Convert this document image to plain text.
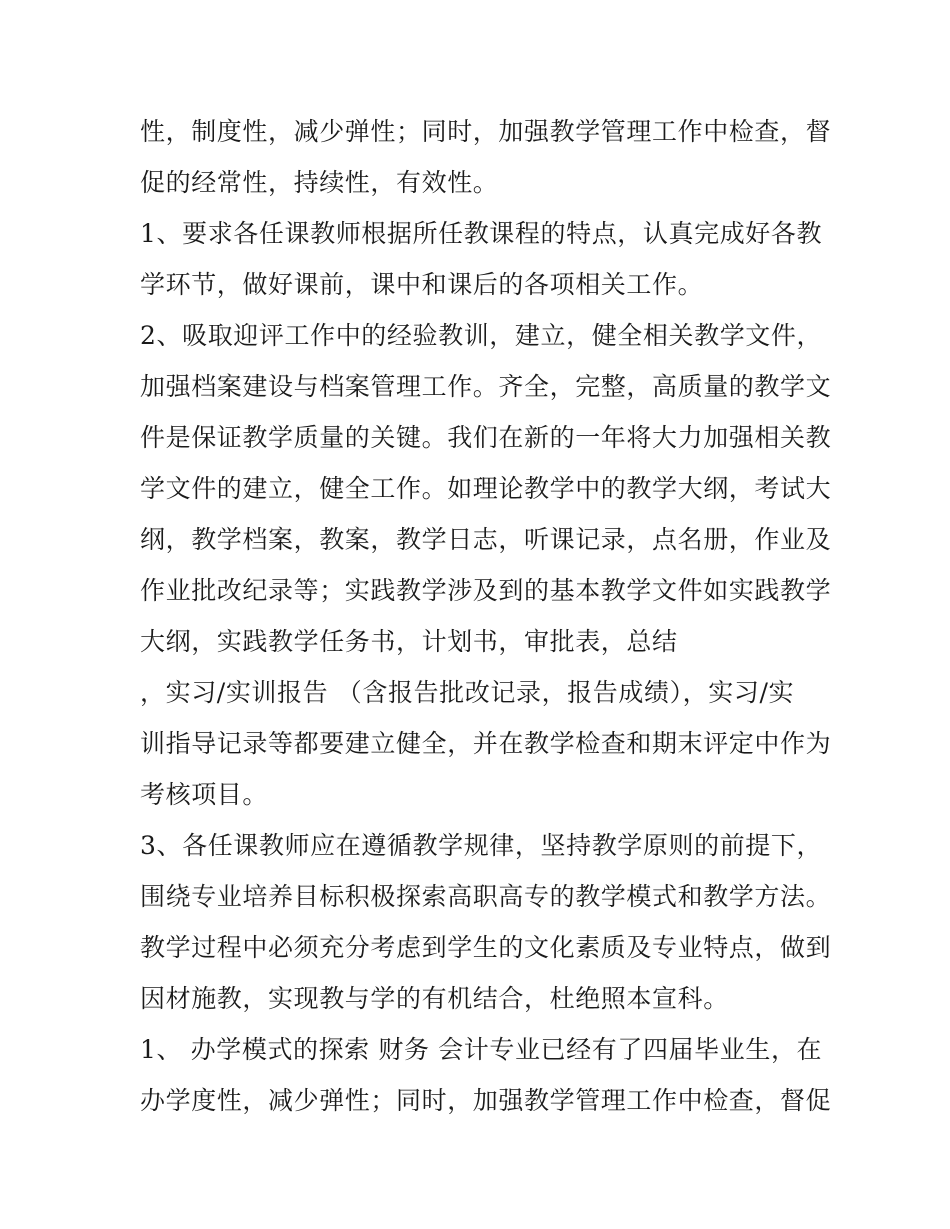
性，制度性，减少弹性；同时，加强教学管理工作中检查，督
促的经常性，持续性，有效性。
1、要求各任课教师根据所任教课程的特点，认真完成好各教
学环节，做好课前，课中和课后的各项相关工作。
2、吸取迎评工作中的经验教训，建立，健全相关教学文件，
加强档案建设与档案管理工作。齐全，完整，高质量的教学文
件是保证教学质量的关键。我们在新的一年将大力加强相关教
学文件的建立，健全工作。如理论教学中的教学大纲，考试大
纲，教学档案，教案，教学日志，听课记录，点名册，作业及
作业批改纪录等；实践教学涉及到的基本教学文件如实践教学
大纲，实践教学任务书，计划书，审批表，总结
，实习/实训报告 （含报告批改记录，报告成绩），实习/实
训指导记录等都要建立健全，并在教学检查和期末评定中作为
考核项目。
3、各任课教师应在遵循教学规律，坚持教学原则的前提下，
围绕专业培养目标积极探索高职高专的教学模式和教学方法。
教学过程中必须充分考虑到学生的文化素质及专业特点，做到
因材施教，实现教与学的有机结合，杜绝照本宣科。
1、 办学模式的探索 财务 会计专业已经有了四届毕业生，在
办学度性，减少弹性；同时，加强教学管理工作中检查，督促
